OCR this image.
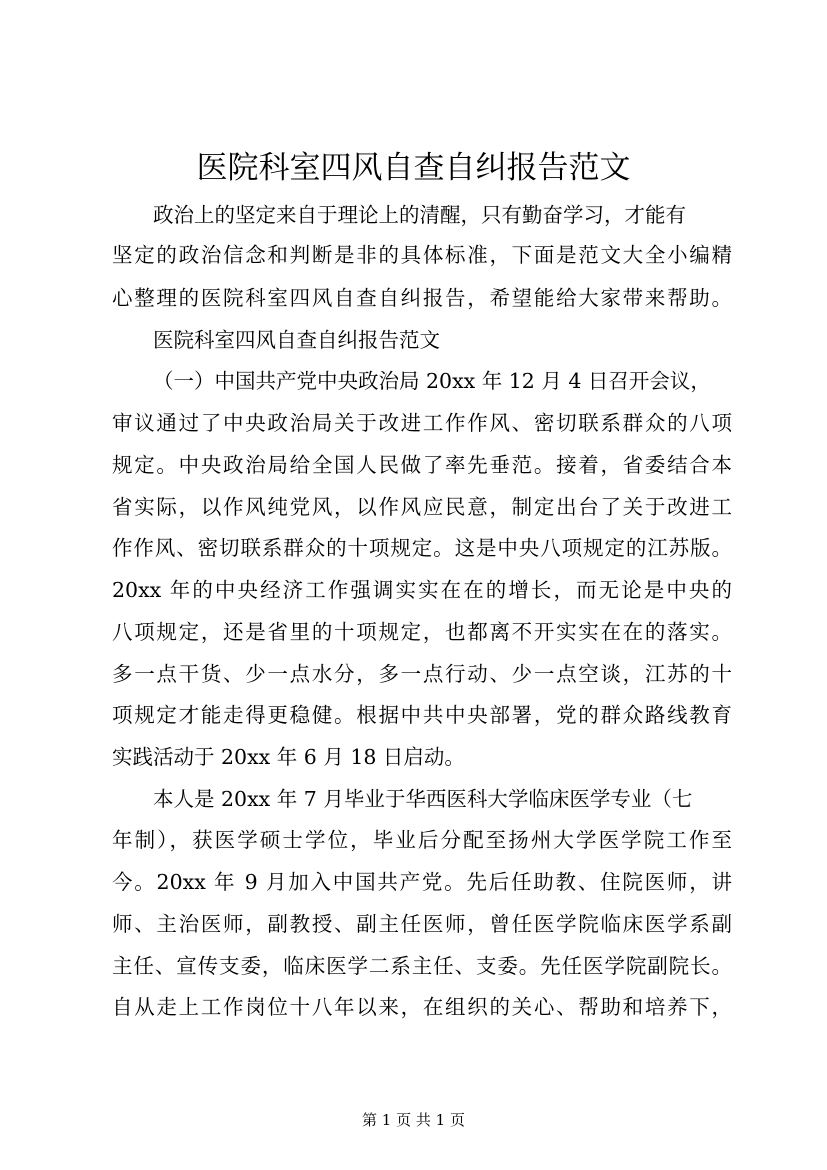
医院科室四风自查自纠报告范文
政治上的坚定来自于理论上的清醒，只有勤奋学习，才能有
坚定的政治信念和判断是非的具体标准，下面是范文大全小编精
心整理的医院科室四风自查自纠报告，希望能给大家带来帮助。
医院科室四风自查自纠报告范文
（一）中国共产党中央政治局 20xx 年 12 月 4 日召开会议，
审议通过了中央政治局关于改进工作作风、密切联系群众的八项
规定。中央政治局给全国人民做了率先垂范。接着，省委结合本
省实际，以作风纯党风，以作风应民意，制定出台了关于改进工
作作风、密切联系群众的十项规定。这是中央八项规定的江苏版。
20xx 年的中央经济工作强调实实在在的增长，而无论是中央的
八项规定，还是省里的十项规定，也都离不开实实在在的落实。
多一点干货、少一点水分，多一点行动、少一点空谈，江苏的十
项规定才能走得更稳健。根据中共中央部署，党的群众路线教育
实践活动于 20xx 年 6 月 18 日启动。
本人是 20xx 年 7 月毕业于华西医科大学临床医学专业（七
年制），获医学硕士学位，毕业后分配至扬州大学医学院工作至
今。20xx 年 9 月加入中国共产党。先后任助教、住院医师，讲
师、主治医师，副教授、副主任医师，曾任医学院临床医学系副
主任、宣传支委，临床医学二系主任、支委。先任医学院副院长。
自从走上工作岗位十八年以来，在组织的关心、帮助和培养下，
第 1 页 共 1 页
